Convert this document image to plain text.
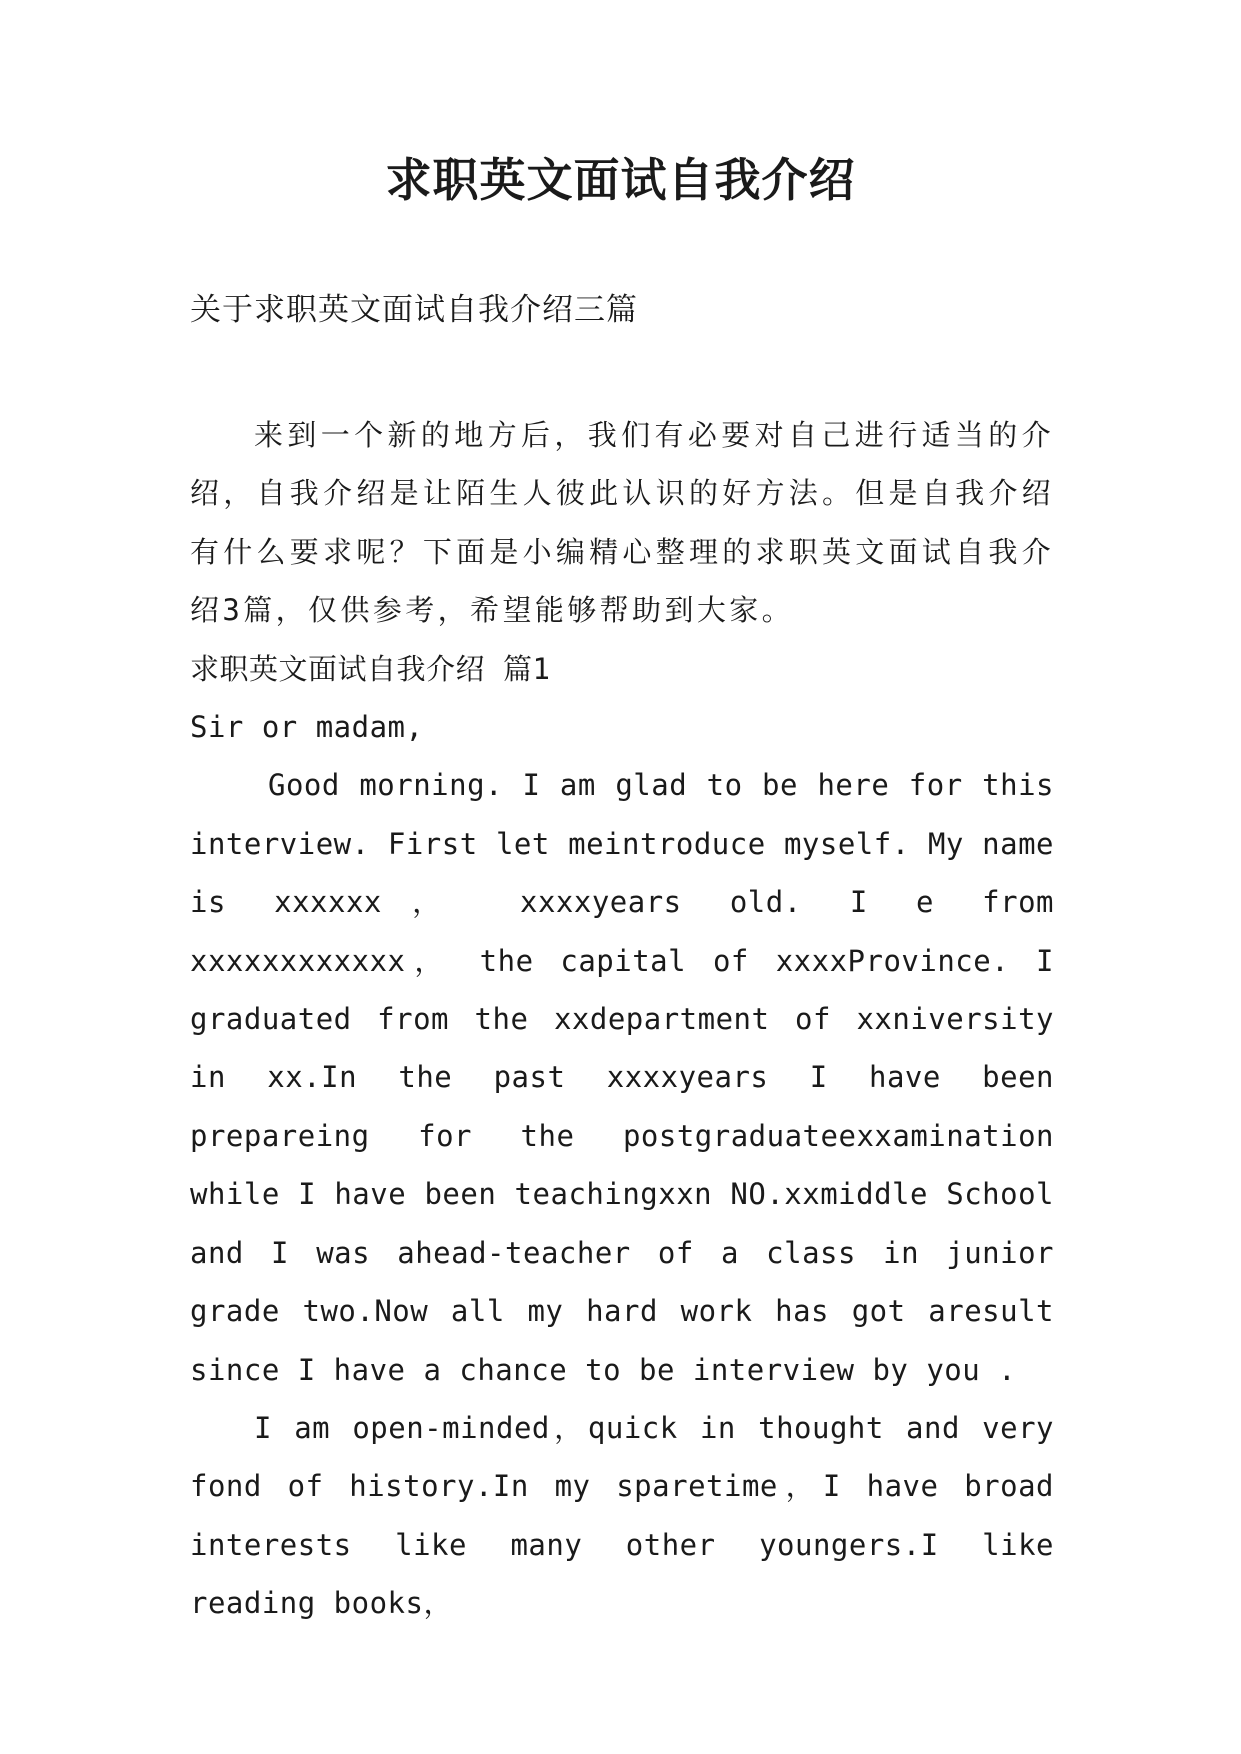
求职英文面试自我介绍
关于求职英文面试自我介绍三篇

来到一个新的地方后，我们有必要对自己进行适当的介绍，自我介绍是让陌生人彼此认识的好方法。但是自我介绍有什么要求呢？下面是小编精心整理的求职英文面试自我介绍3篇，仅供参考，希望能够帮助到大家。

求职英文面试自我介绍 篇1

Sir or madam,

Good morning. I am glad to be here for this interview. First let meintroduce myself. My name is xxxxxx， xxxxyears old. I e from xxxxxxxxxxxx， the capital of xxxxProvince. I graduated from the xxdepartment of xxniversity in xx.In the past xxxxyears I have been prepareing for the postgraduateexxamination while I have been teachingxxn NO.xxmiddle School and I was ahead-teacher of a class in junior grade two.Now all my hard work has got aresult since I have a chance to be interview by you .

I am open-minded，quick in thought and very fond of history.In my sparetime，I have broad interests like many other youngers.I like reading books，
